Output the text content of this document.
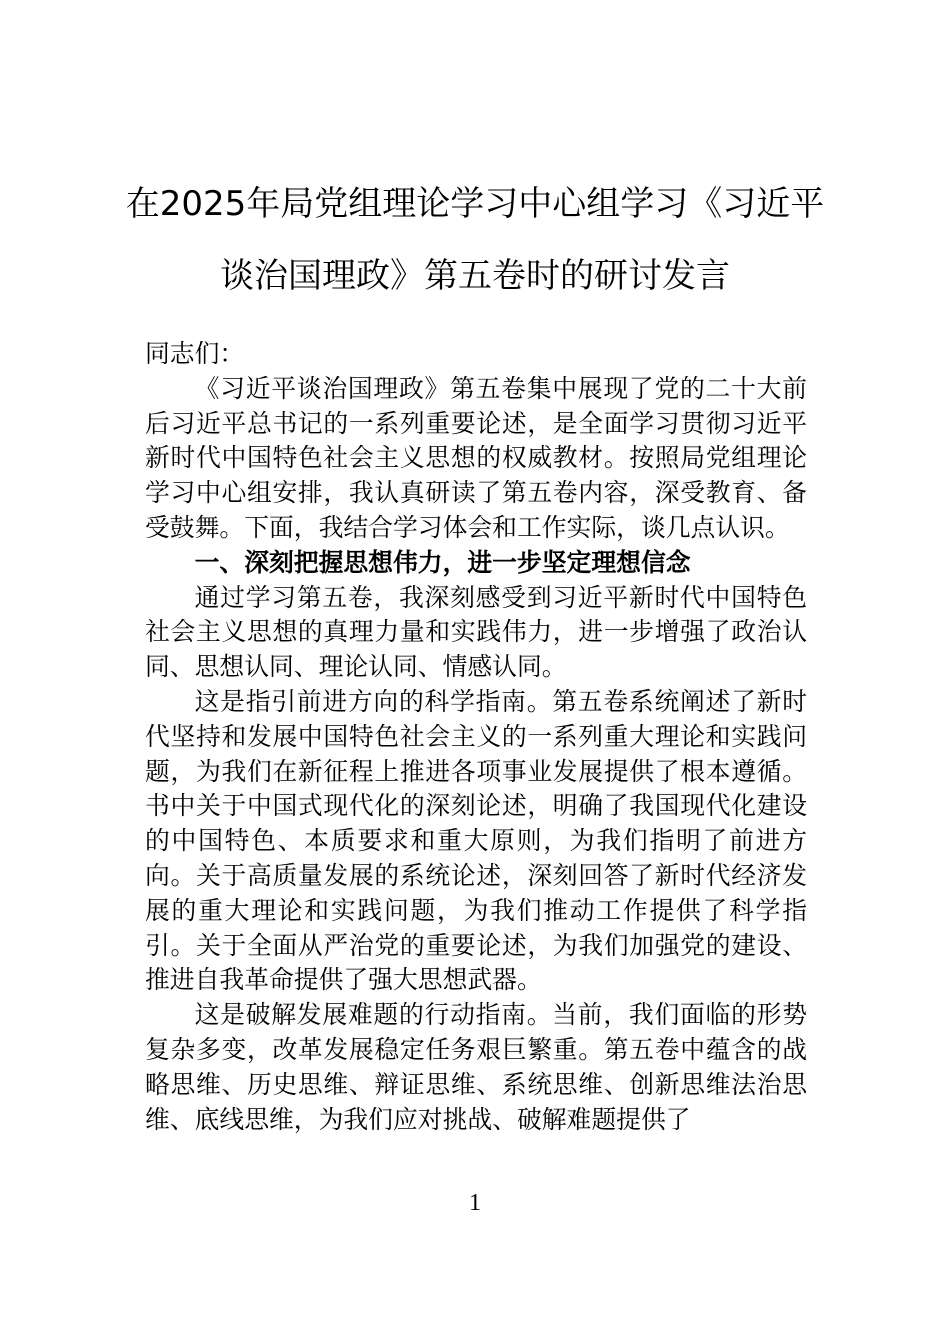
在2025年局党组理论学习中心组学习《习近平谈治国理政》第五卷时的研讨发言

同志们：

《习近平谈治国理政》第五卷集中展现了党的二十大前后习近平总书记的一系列重要论述，是全面学习贯彻习近平新时代中国特色社会主义思想的权威教材。按照局党组理论学习中心组安排，我认真研读了第五卷内容，深受教育、备受鼓舞。下面，我结合学习体会和工作实际，谈几点认识。

一、深刻把握思想伟力，进一步坚定理想信念

通过学习第五卷，我深刻感受到习近平新时代中国特色社会主义思想的真理力量和实践伟力，进一步增强了政治认同、思想认同、理论认同、情感认同。

这是指引前进方向的科学指南。第五卷系统阐述了新时代坚持和发展中国特色社会主义的一系列重大理论和实践问题，为我们在新征程上推进各项事业发展提供了根本遵循。书中关于中国式现代化的深刻论述，明确了我国现代化建设的中国特色、本质要求和重大原则，为我们指明了前进方向。关于高质量发展的系统论述，深刻回答了新时代经济发展的重大理论和实践问题，为我们推动工作提供了科学指引。关于全面从严治党的重要论述，为我们加强党的建设、推进自我革命提供了强大思想武器。

这是破解发展难题的行动指南。当前，我们面临的形势复杂多变，改革发展稳定任务艰巨繁重。第五卷中蕴含的战略思维、历史思维、辩证思维、系统思维、创新思维法治思维、底线思维，为我们应对挑战、破解难题提供了

1
